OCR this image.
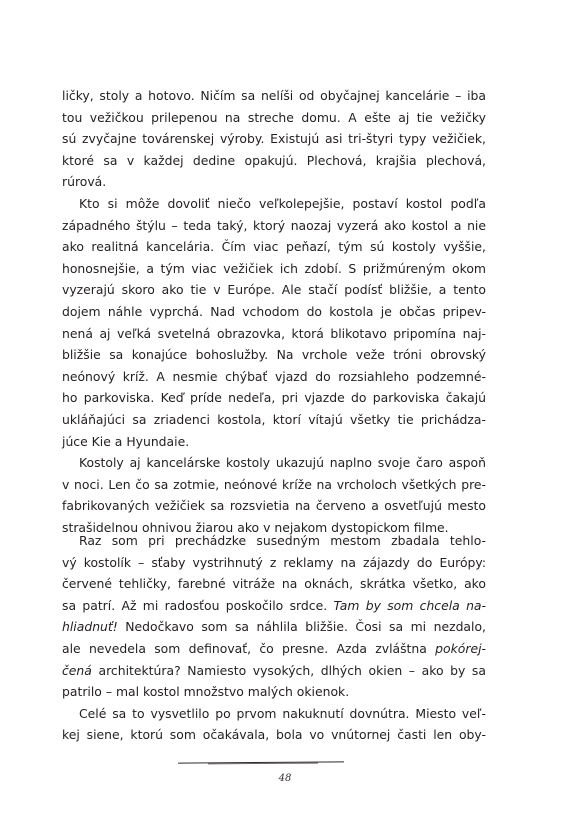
ličky, stoly a hotovo. Ničím sa nelíši od obyčajnej kancelárie – iba
tou vežičkou prilepenou na streche domu. A ešte aj tie vežičky
sú zvyčajne továrenskej výroby. Existujú asi tri-štyri typy vežičiek,
ktoré sa v každej dedine opakujú. Plechová, krajšia plechová,
rúrová.
Kto si môže dovoliť niečo veľkolepejšie, postaví kostol podľa
západného štýlu – teda taký, ktorý naozaj vyzerá ako kostol a nie
ako realitná kancelária. Čím viac peňazí, tým sú kostoly vyššie,
honosnejšie, a tým viac vežičiek ich zdobí. S prižmúreným okom
vyzerajú skoro ako tie v Európe. Ale stačí podísť bližšie, a tento
dojem náhle vyprchá. Nad vchodom do kostola je občas pripev-
nená aj veľká svetelná obrazovka, ktorá blikotavo pripomína naj-
bližšie sa konajúce bohoslužby. Na vrchole veže tróni obrovský
neónový kríž. A nesmie chýbať vjazd do rozsiahleho podzemné-
ho parkoviska. Keď príde nedeľa, pri vjazde do parkoviska čakajú
ukláňajúci sa zriadenci kostola, ktorí vítajú všetky tie prichádza-
júce Kie a Hyundaie.
Kostoly aj kancelárske kostoly ukazujú naplno svoje čaro aspoň
v noci. Len čo sa zotmie, neónové kríže na vrcholoch všetkých pre-
fabrikovaných vežičiek sa rozsvietia na červeno a osvetľujú mesto
strašidelnou ohnivou žiarou ako v nejakom dystopickom filme.
Raz som pri prechádzke susedným mestom zbadala tehlo-
vý kostolík – sťaby vystrihnutý z reklamy na zájazdy do Európy:
červené tehličky, farebné vitráže na oknách, skrátka všetko, ako
sa patrí. Až mi radosťou poskočilo srdce. Tam by som chcela na-
hliadnuť! Nedočkavo som sa náhlila bližšie. Čosi sa mi nezdalo,
ale nevedela som definovať, čo presne. Azda zvláštna pokórej-
čená architektúra? Namiesto vysokých, dlhých okien – ako by sa
patrilo – mal kostol množstvo malých okienok.
Celé sa to vysvetlilo po prvom nakuknutí dovnútra. Miesto veľ-
kej siene, ktorú som očakávala, bola vo vnútornej časti len oby-
48
